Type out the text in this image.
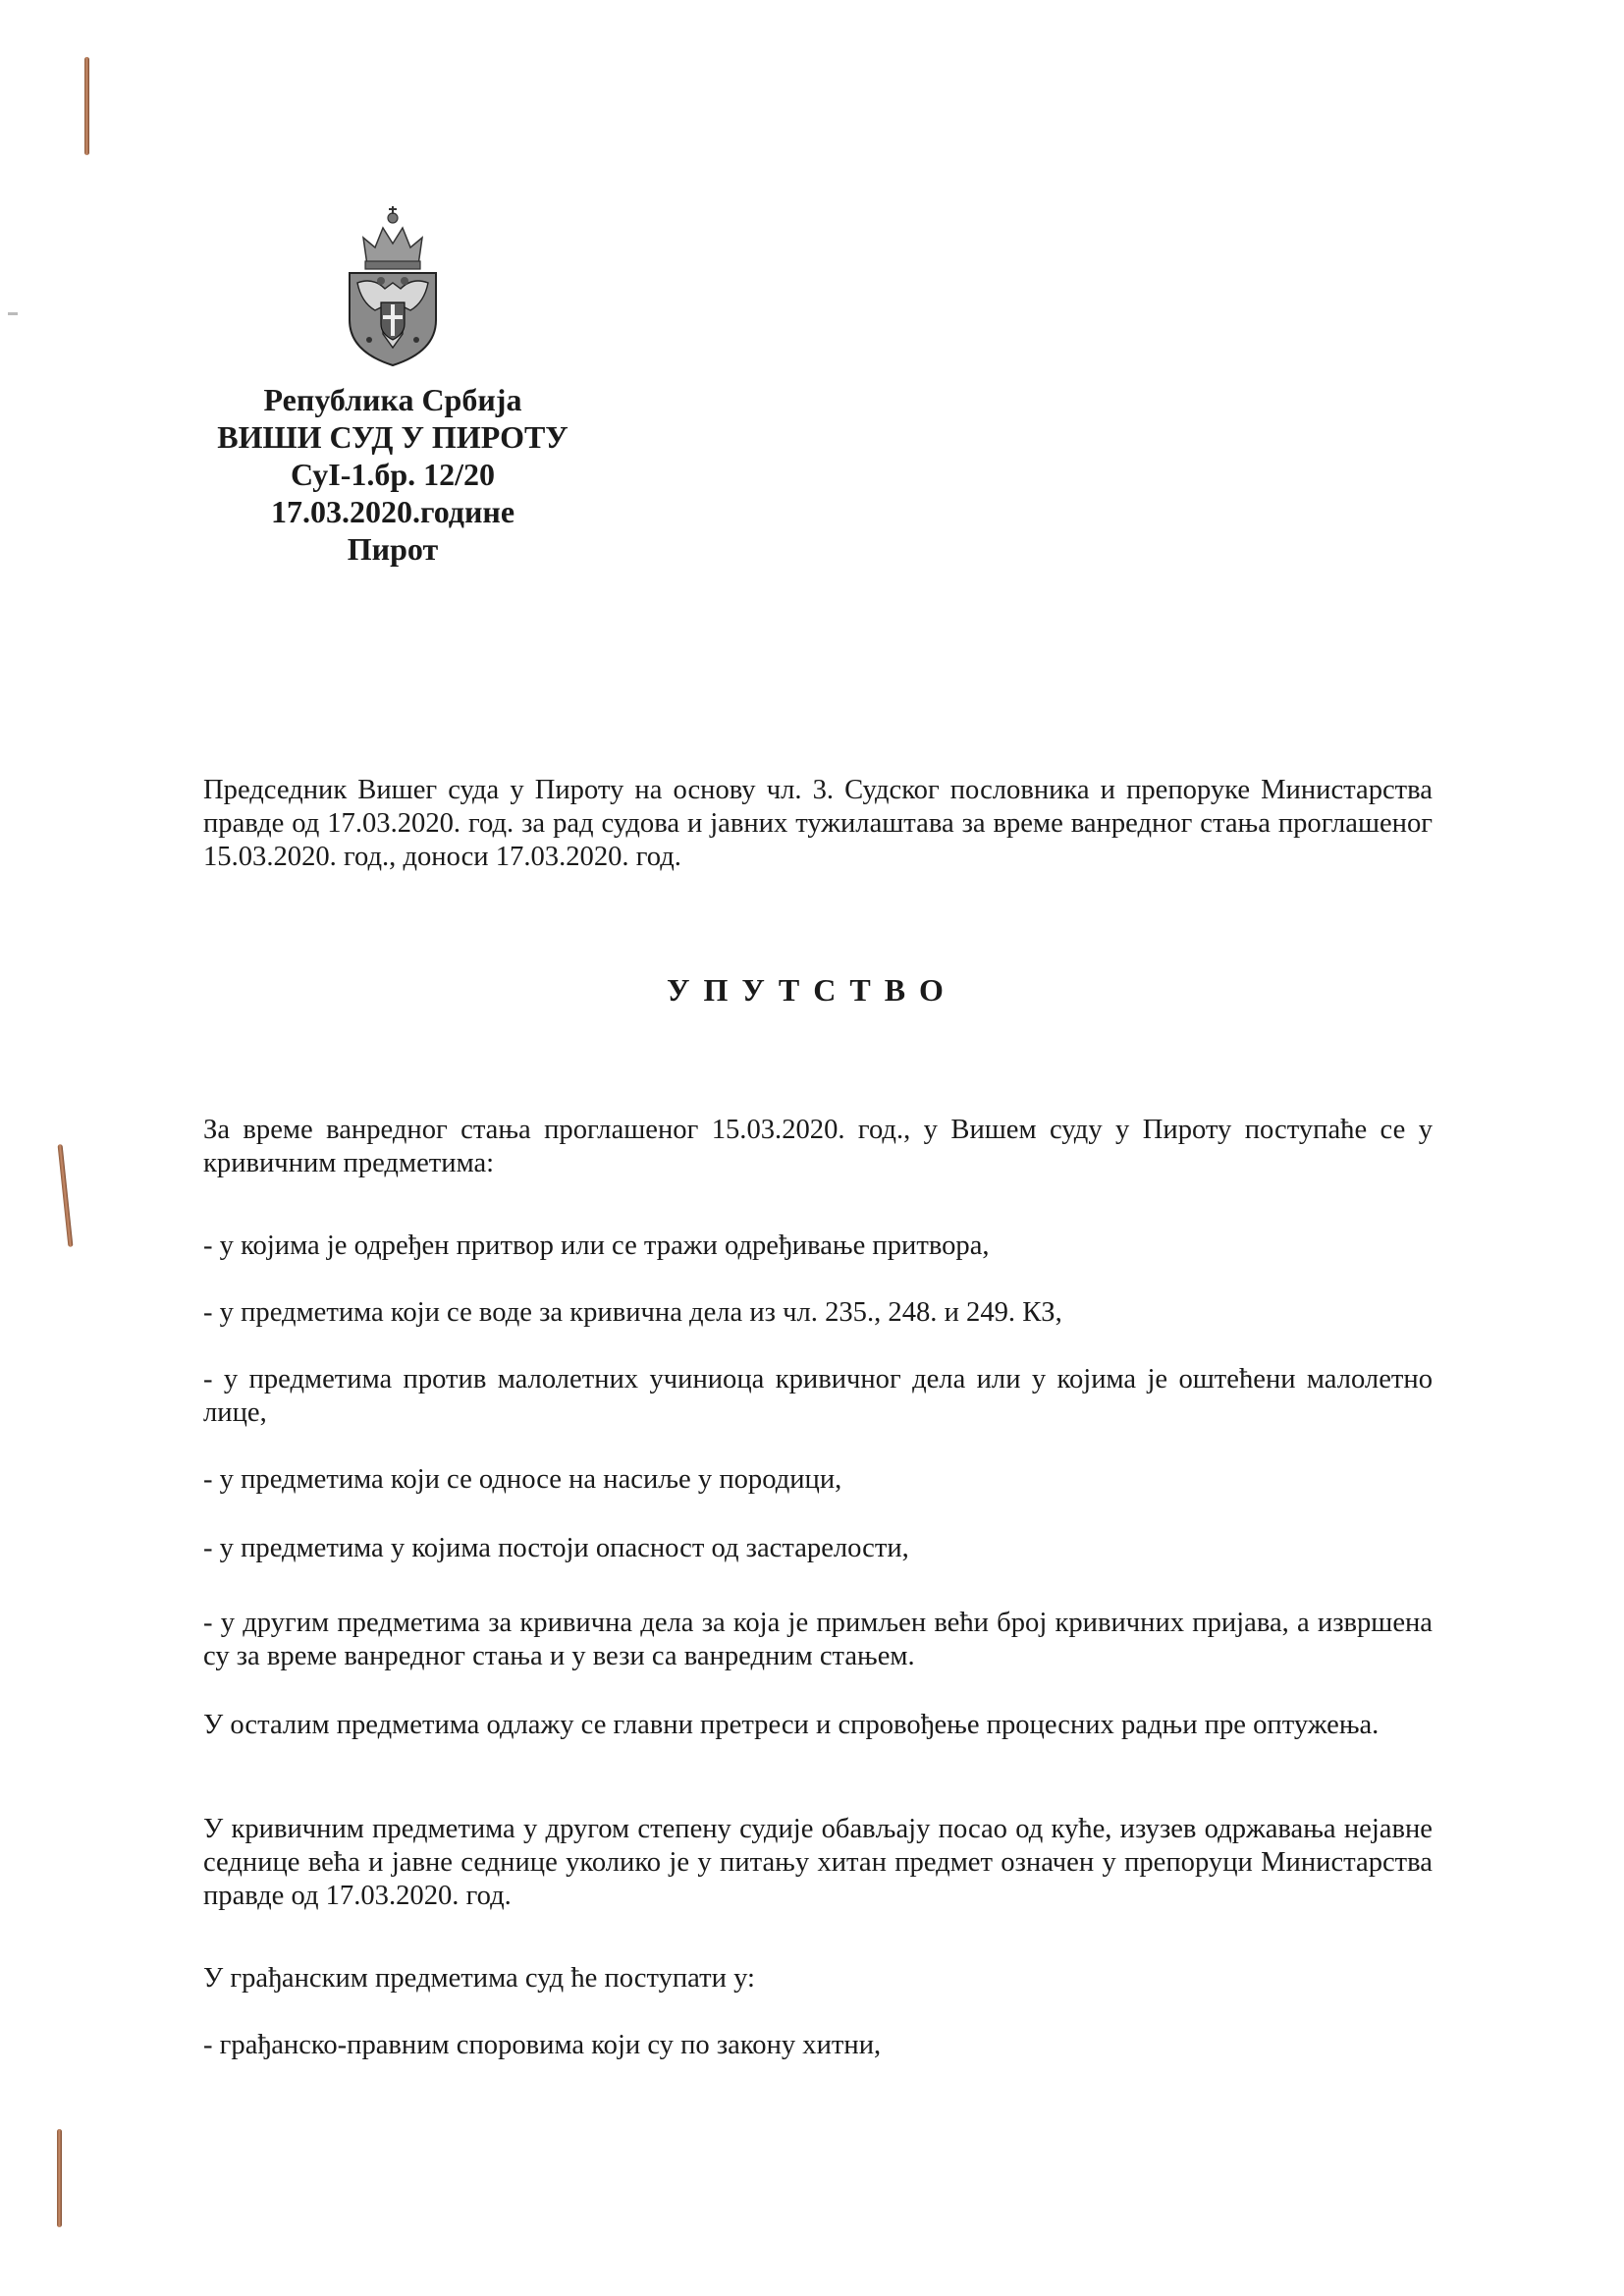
Република Србија
ВИШИ СУД У ПИРОТУ
СуI-1.бр. 12/20
17.03.2020.године
Пирот
Председник Вишег суда у Пироту на основу чл. 3. Судског пословника и препоруке Министарства правде од 17.03.2020. год. за рад судова и јавних тужилаштава за време ванредног стања проглашеног 15.03.2020. год., доноси 17.03.2020. год.
УПУТСТВО
За време ванредног стања проглашеног 15.03.2020. год., у Вишем суду у Пироту поступаће се у кривичним предметима:
- у којима је одређен притвор или се тражи одређивање притвора,
- у предметима који се воде за кривична дела из чл. 235., 248. и 249. КЗ,
- у предметима против малолетних учиниоца кривичног дела или у којима је оштећени малолетно лице,
- у предметима који се односе на насиље у породици,
- у предметима у којима постоји опасност од застарелости,
- у другим предметима за кривична дела за која је примљен већи број кривичних пријава, а извршена су за време ванредног стања и у вези са ванредним стањем.
У осталим предметима одлажу се главни претреси и спровођење процесних радњи пре оптужења.
У кривичним предметима у другом степену судије обављају посао од куће, изузев одржавања нејавне седнице већа и јавне седнице уколико је у питању хитан предмет означен у препоруци Министарства правде од 17.03.2020. год.
У грађанским предметима суд ће поступати у:
- грађанско-правним споровима који су по закону хитни,
